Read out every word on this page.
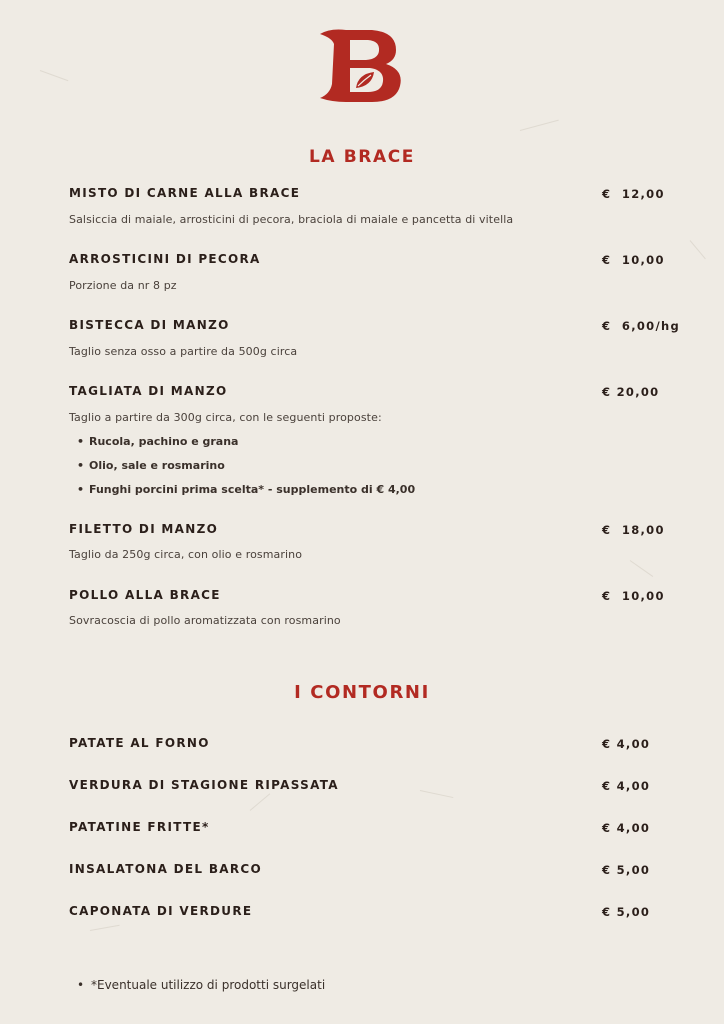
LA BRACE
MISTO DI CARNE ALLA BRACE	€  12,00
Salsiccia di maiale, arrosticini di pecora, braciola di maiale e pancetta di vitella
ARROSTICINI DI PECORA	€  10,00
Porzione da nr 8 pz
BISTECCA DI MANZO	€  6,00/hg
Taglio senza osso a partire da 500g circa
TAGLIATA DI MANZO	€ 20,00
Taglio a partire da 300g circa, con le seguenti proposte:
• Rucola, pachino e grana
• Olio, sale e rosmarino
• Funghi porcini prima scelta* - supplemento di € 4,00
FILETTO DI MANZO	€  18,00
Taglio da 250g circa, con olio e rosmarino
POLLO ALLA BRACE	€  10,00
Sovracoscia di pollo aromatizzata con rosmarino
I CONTORNI
PATATE AL FORNO	€ 4,00
VERDURA DI STAGIONE RIPASSATA	€ 4,00
PATATINE FRITTE*	€ 4,00
INSALATONA DEL BARCO	€ 5,00
CAPONATA DI VERDURE	€ 5,00
• *Eventuale utilizzo di prodotti surgelati
